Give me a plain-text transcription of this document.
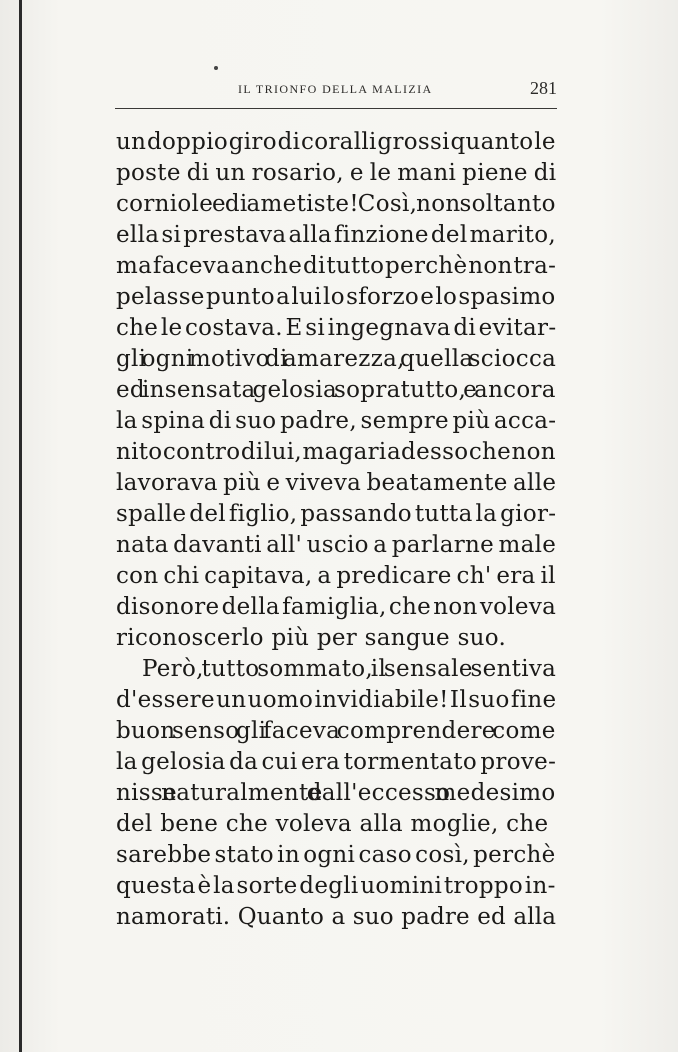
IL TRIONFO DELLA MALIZIA	281
un doppio giro di coralli grossi quanto le
poste di un rosario, e le mani piene di
corniole e di ametiste! Così, non soltanto
ella si prestava alla finzione del marito,
ma faceva anche di tutto perchè non tra-
pelasse punto a lui lo sforzo e lo spasimo
che le costava. E si ingegnava di evitar-
gli ogni motivo di amarezza, quella sciocca
ed insensata gelosia sopratutto, e ancora
la spina di suo padre, sempre più acca-
nito contro di lui, magari adesso che non
lavorava più e viveva beatamente alle
spalle del figlio, passando tutta la gior-
nata davanti all' uscio a parlarne male
con chi capitava, a predicare ch' era il
disonore della famiglia, che non voleva
riconoscerlo più per sangue suo.
Però, tutto sommato, il sensale sentiva
d'essere un uomo invidiabile! Il suo fine
buon senso gli faceva comprendere come
la gelosia da cui era tormentato prove-
nisse naturalmente dall'eccesso medesimo
del bene che voleva alla moglie, che
sarebbe stato in ogni caso così, perchè
questa è la sorte degli uomini troppo in-
namorati. Quanto a suo padre ed alla
